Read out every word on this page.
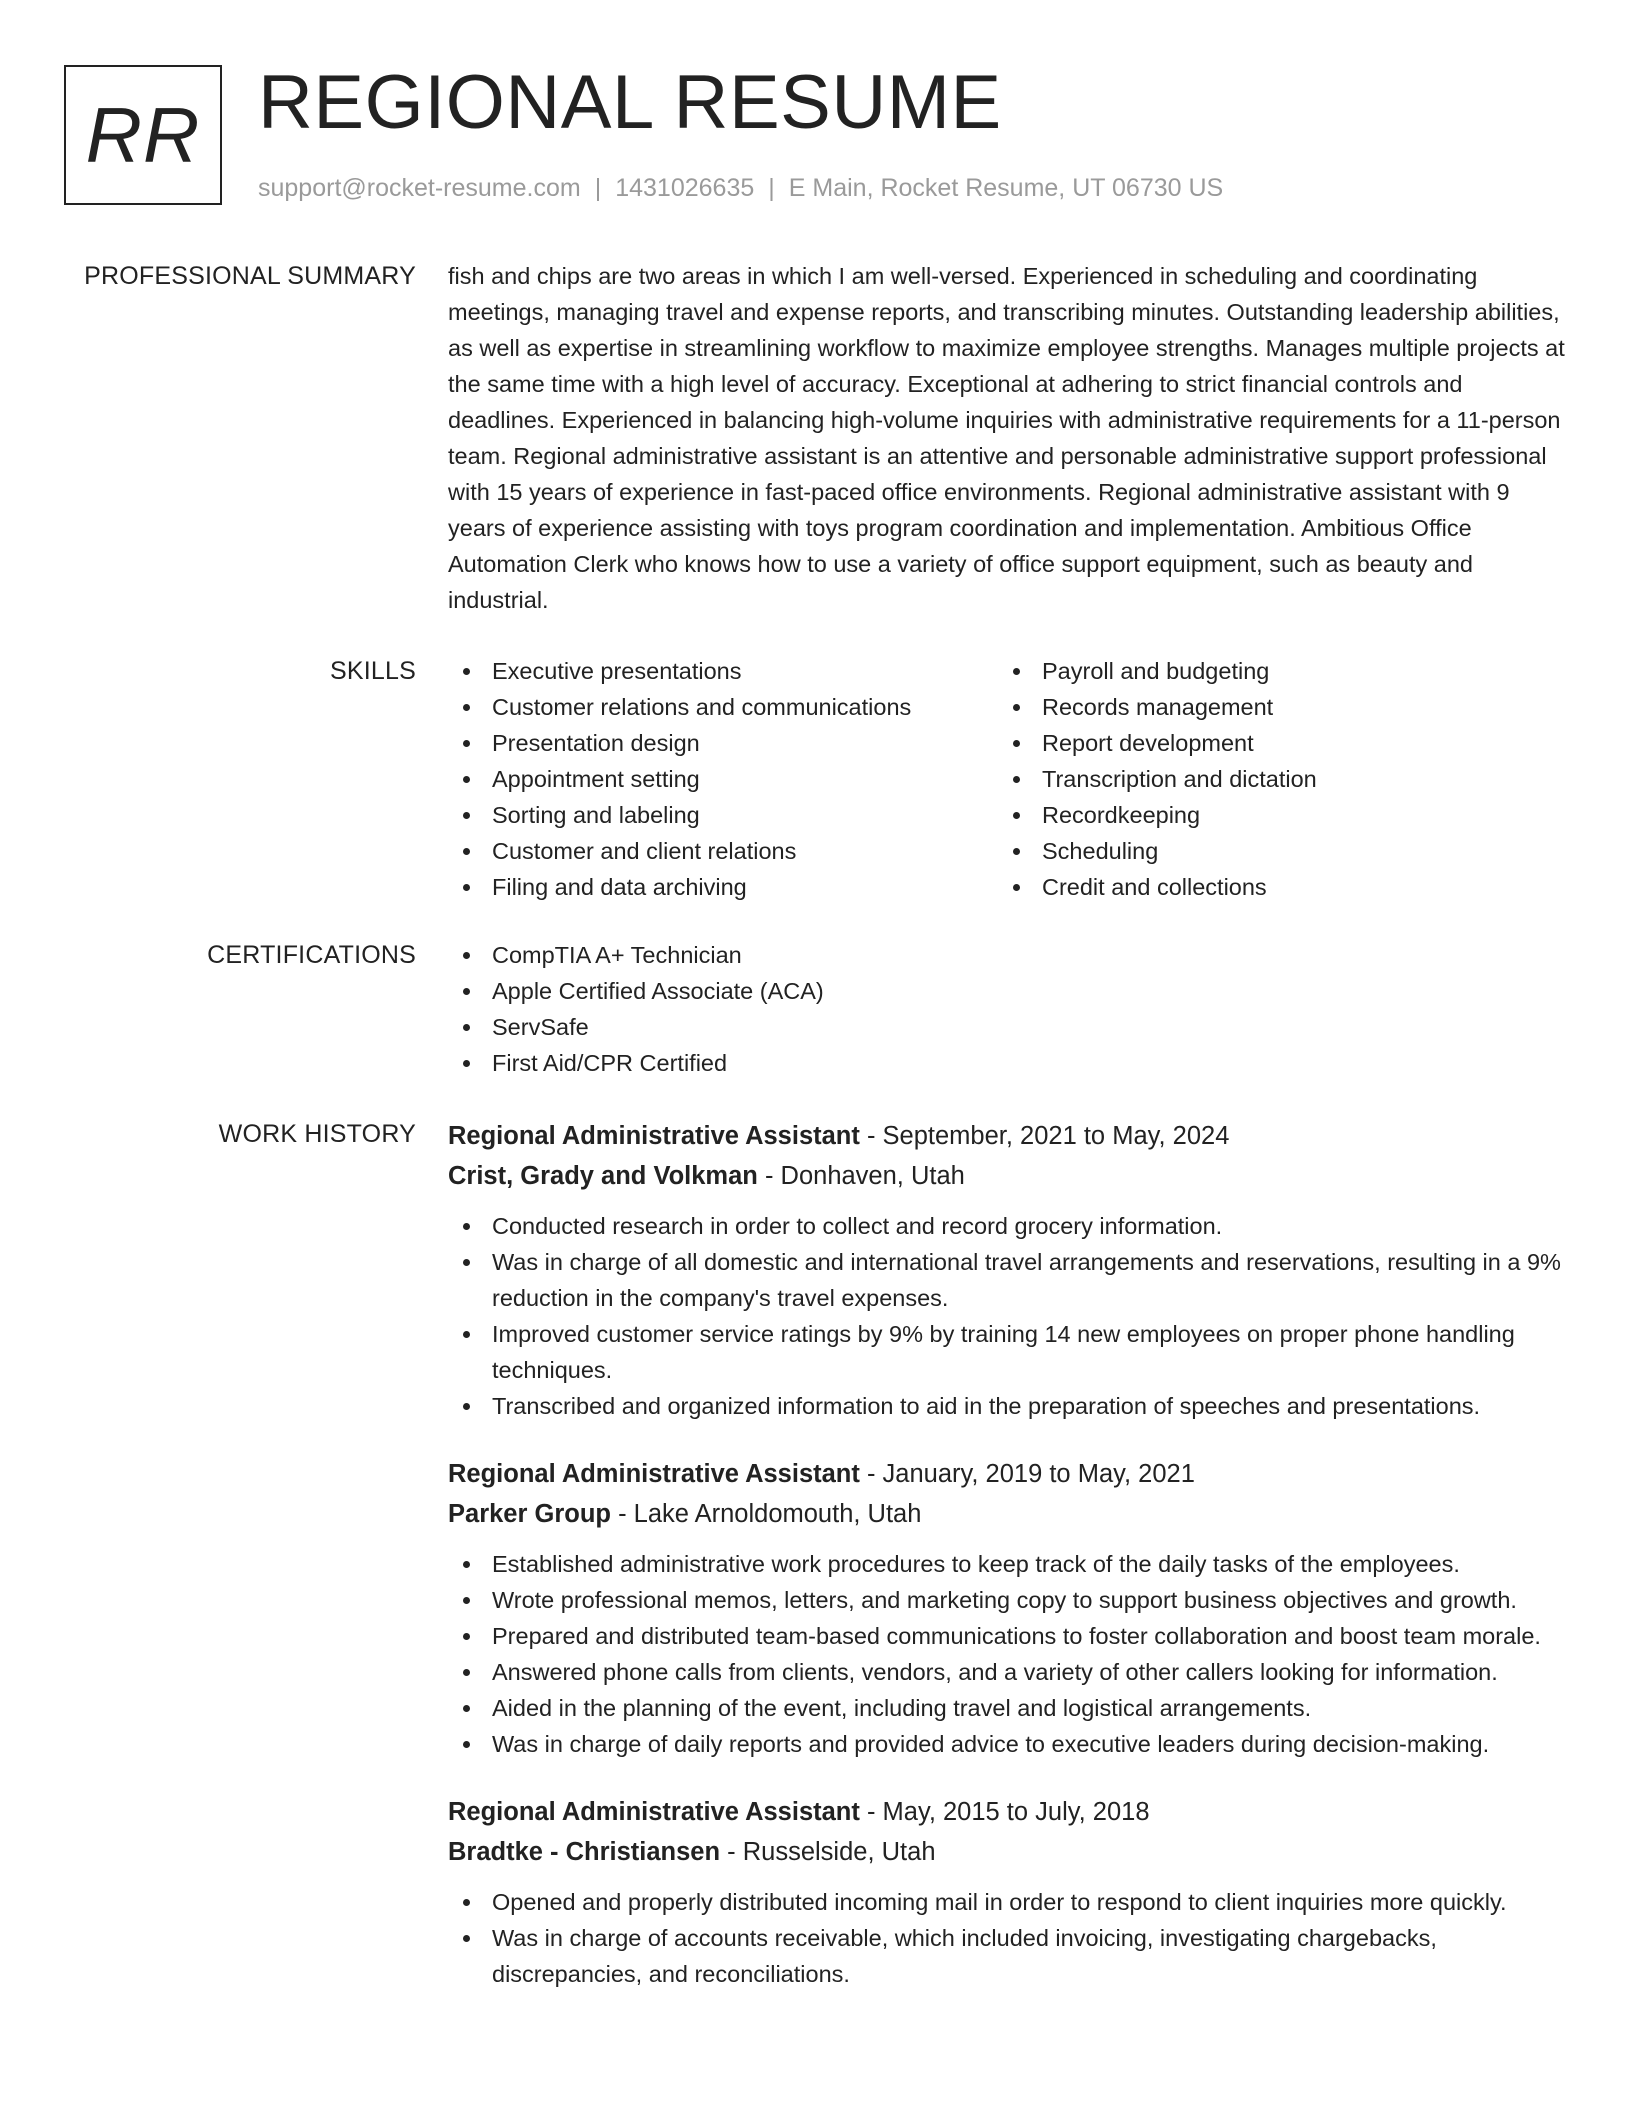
RR REGIONAL RESUME
support@rocket-resume.com | 1431026635 | E Main, Rocket Resume, UT 06730 US
PROFESSIONAL SUMMARY fish and chips are two areas in which I am well-versed. Experienced in scheduling and coordinating meetings, managing travel and expense reports, and transcribing minutes. Outstanding leadership abilities, as well as expertise in streamlining workflow to maximize employee strengths. Manages multiple projects at the same time with a high level of accuracy. Exceptional at adhering to strict financial controls and deadlines. Experienced in balancing high-volume inquiries with administrative requirements for a 11-person team. Regional administrative assistant is an attentive and personable administrative support professional with 15 years of experience in fast-paced office environments. Regional administrative assistant with 9 years of experience assisting with toys program coordination and implementation. Ambitious Office Automation Clerk who knows how to use a variety of office support equipment, such as beauty and industrial.

SKILLS	Executive presentations
Customer relations and communications
Presentation design
Appointment setting
Sorting and labeling
Customer and client relations
Filing and data archiving
Payroll and budgeting
Records management
Report development
Transcription and dictation
Recordkeeping
Scheduling
Credit and collections
CERTIFICATIONS	CompTIA A+ Technician
Apple Certified Associate (ACA)
ServSafe
First Aid/CPR Certified
WORK HISTORY Regional Administrative Assistant - September, 2021 to May, 2024
Crist, Grady and Volkman - Donhaven, Utah
Conducted research in order to collect and record grocery information.
Was in charge of all domestic and international travel arrangements and reservations, resulting in a 9% reduction in the company's travel expenses.
Improved customer service ratings by 9% by training 14 new employees on proper phone handling techniques.
Transcribed and organized information to aid in the preparation of speeches and presentations.
Regional Administrative Assistant - January, 2019 to May, 2021
Parker Group - Lake Arnoldomouth, Utah
Established administrative work procedures to keep track of the daily tasks of the employees.
Wrote professional memos, letters, and marketing copy to support business objectives and growth.
Prepared and distributed team-based communications to foster collaboration and boost team morale.
Answered phone calls from clients, vendors, and a variety of other callers looking for information.
Aided in the planning of the event, including travel and logistical arrangements.
Was in charge of daily reports and provided advice to executive leaders during decision-making.
Regional Administrative Assistant - May, 2015 to July, 2018
Bradtke - Christiansen - Russelside, Utah
Opened and properly distributed incoming mail in order to respond to client inquiries more quickly.
Was in charge of accounts receivable, which included invoicing, investigating chargebacks, discrepancies, and reconciliations.
